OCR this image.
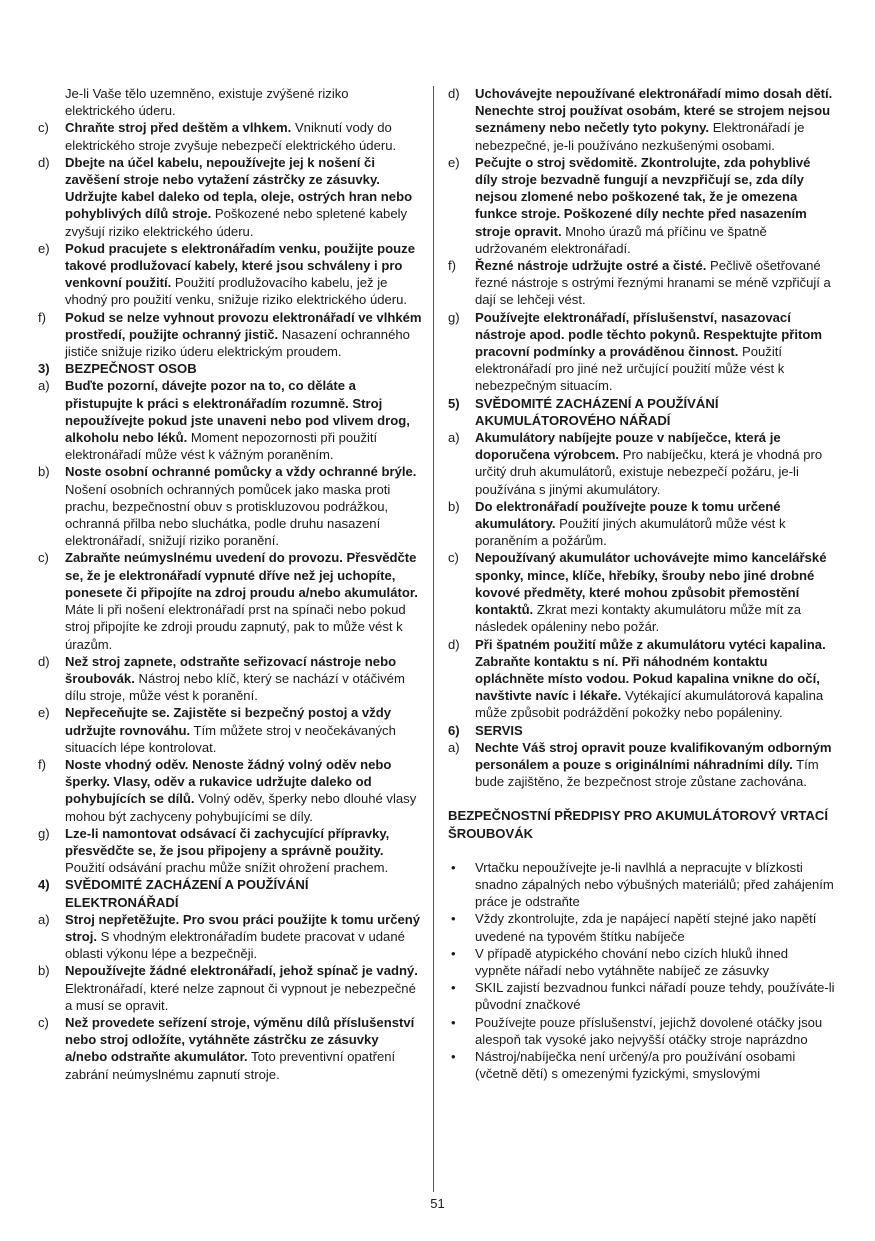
Je-li Vaše tělo uzemněno, existuje zvýšené riziko elektrického úderu.
c) Chraňte stroj před deštěm a vlhkem. Vniknutí vody do elektrického stroje zvyšuje nebezpečí elektrického úderu.
d) Dbejte na účel kabelu, nepoužívejte jej k nošení či zavěšení stroje nebo vytažení zástrčky ze zásuvky. Udržujte kabel daleko od tepla, oleje, ostrých hran nebo pohyblivých dílů stroje. Poškozené nebo spletené kabely zvyšují riziko elektrického úderu.
e) Pokud pracujete s elektronářadím venku, použijte pouze takové prodlužovací kabely, které jsou schváleny i pro venkovní použití. Použití prodlužovacího kabelu, jež je vhodný pro použití venku, snižuje riziko elektrického úderu.
f) Pokud se nelze vyhnout provozu elektronářadí ve vlhkém prostředí, použijte ochranný jistič. Nasazení ochranného jističe snižuje riziko úderu elektrickým proudem.
3) BEZPEČNOST OSOB
a) Buďte pozorní, dávejte pozor na to, co děláte a přistupujte k práci s elektronářadím rozumně. Stroj nepoužívejte pokud jste unaveni nebo pod vlivem drog, alkoholu nebo léků. Moment nepozornosti při použití elektronářadí může vést k vážným poraněním.
b) Noste osobní ochranné pomůcky a vždy ochranné brýle. Nošení osobních ochranných pomůcek jako maska proti prachu, bezpečnostní obuv s protiskluzovou podrážkou, ochranná přilba nebo sluchátka, podle druhu nasazení elektronářadí, snižují riziko poranění.
c) Zabraňte neúmyslnému uvedení do provozu. Přesvědčte se, že je elektronářadí vypnuté dříve než jej uchopíte, ponesete či připojíte na zdroj proudu a/nebo akumulátor. Máte li při nošení elektronářadí prst na spínači nebo pokud stroj připojíte ke zdroji proudu zapnutý, pak to může vést k úrazům.
d) Než stroj zapnete, odstraňte seřizovací nástroje nebo šroubovák. Nástroj nebo klíč, který se nachází v otáčivém dílu stroje, může vést k poranění.
e) Nepřeceňujte se. Zajistěte si bezpečný postoj a vždy udržujte rovnováhu. Tím můžete stroj v neočekávaných situacích lépe kontrolovat.
f) Noste vhodný oděv. Nenoste žádný volný oděv nebo šperky. Vlasy, oděv a rukavice udržujte daleko od pohybujících se dílů. Volný oděv, šperky nebo dlouhé vlasy mohou být zachyceny pohybujícími se díly.
g) Lze-li namontovat odsávací či zachycující přípravky, přesvědčte se, že jsou připojeny a správně použity. Použití odsávání prachu může snížit ohrožení prachem.
4) SVĚDOMITÉ ZACHÁZENÍ A POUŽÍVÁNÍ ELEKTRONÁŘADÍ
a) Stroj nepřetěžujte. Pro svou práci použijte k tomu určený stroj. S vhodným elektronářadím budete pracovat v udané oblasti výkonu lépe a bezpečněji.
b) Nepoužívejte žádné elektronářadí, jehož spínač je vadný. Elektronářadí, které nelze zapnout či vypnout je nebezpečné a musí se opravit.
c) Než provedete seřízení stroje, výměnu dílů příslušenství nebo stroj odložíte, vytáhněte zástrčku ze zásuvky a/nebo odstraňte akumulátor. Toto preventivní opatření zabrání neúmyslnému zapnutí stroje.
d) Uchovávejte nepoužívané elektronářadí mimo dosah dětí. Nenechte stroj používat osobám, které se strojem nejsou seznámeny nebo nečetly tyto pokyny. Elektronářadí je nebezpečné, je-li používáno nezkušenými osobami.
e) Pečujte o stroj svědomitě. Zkontrolujte, zda pohyblivé díly stroje bezvadně fungují a nevzpřičují se, zda díly nejsou zlomené nebo poškozené tak, že je omezena funkce stroje. Poškozené díly nechte před nasazením stroje opravit. Mnoho úrazů má příčinu ve špatně udržovaném elektronářadí.
f) Řezné nástroje udržujte ostré a čisté. Pečlivě ošetřované řezné nástroje s ostrými řeznými hranami se méně vzpřičují a dají se lehčeji vést.
g) Používejte elektronářadí, příslušenství, nasazovací nástroje apod. podle těchto pokynů. Respektujte přitom pracovní podmínky a prováděnou činnost. Použití elektronářadí pro jiné než určující použití může vést k nebezpečným situacím.
5) SVĚDOMITÉ ZACHÁZENÍ A POUŽÍVÁNÍ AKUMULÁTOROVÉHO NÁŘADÍ
a) Akumulátory nabíjejte pouze v nabíječce, která je doporučena výrobcem. Pro nabíječku, která je vhodná pro určitý druh akumulátorů, existuje nebezpečí požáru, je-li používána s jinými akumulátory.
b) Do elektronářadí používejte pouze k tomu určené akumulátory. Použití jiných akumulátorů může vést k poraněním a požárům.
c) Nepoužívaný akumulátor uchovávejte mimo kancelářské sponky, mince, klíče, hřebíky, šrouby nebo jiné drobné kovové předměty, které mohou způsobit přemostění kontaktů. Zkrat mezi kontakty akumulátoru může mít za následek opáleniny nebo požár.
d) Při špatném použití může z akumulátoru vytéci kapalina. Zabraňte kontaktu s ní. Při náhodném kontaktu opláchněte místo vodou. Pokud kapalina vnikne do očí, navštivte navíc i lékaře. Vytékající akumulátorová kapalina může způsobit podráždění pokožky nebo popáleniny.
6) SERVIS
a) Nechte Váš stroj opravit pouze kvalifikovaným odborným personálem a pouze s originálními náhradními díly. Tím bude zajištěno, že bezpečnost stroje zůstane zachována.
BEZPEČNOSTNÍ PŘEDPISY PRO AKUMULÁTOROVÝ VRTACÍ ŠROUBOVÁK
• Vrtačku nepoužívejte je-li navlhlá a nepracujte v blízkosti snadno zápalných nebo výbušných materiálů; před zahájením práce je odstraňte
• Vždy zkontrolujte, zda je napájecí napětí stejné jako napětí uvedené na typovém štítku nabíječe
• V případě atypického chování nebo cizích hluků ihned vypněte nářadí nebo vytáhněte nabíječ ze zásuvky
• SKIL zajistí bezvadnou funkci nářadí pouze tehdy, používáte-li původní značkové
• Používejte pouze příslušenství, jejichž dovolené otáčky jsou alespoň tak vysoké jako nejvyšší otáčky stroje naprázdno
• Nástroj/nabíječka není určený/a pro používání osobami (včetně dětí) s omezenými fyzickými, smyslovými
51
